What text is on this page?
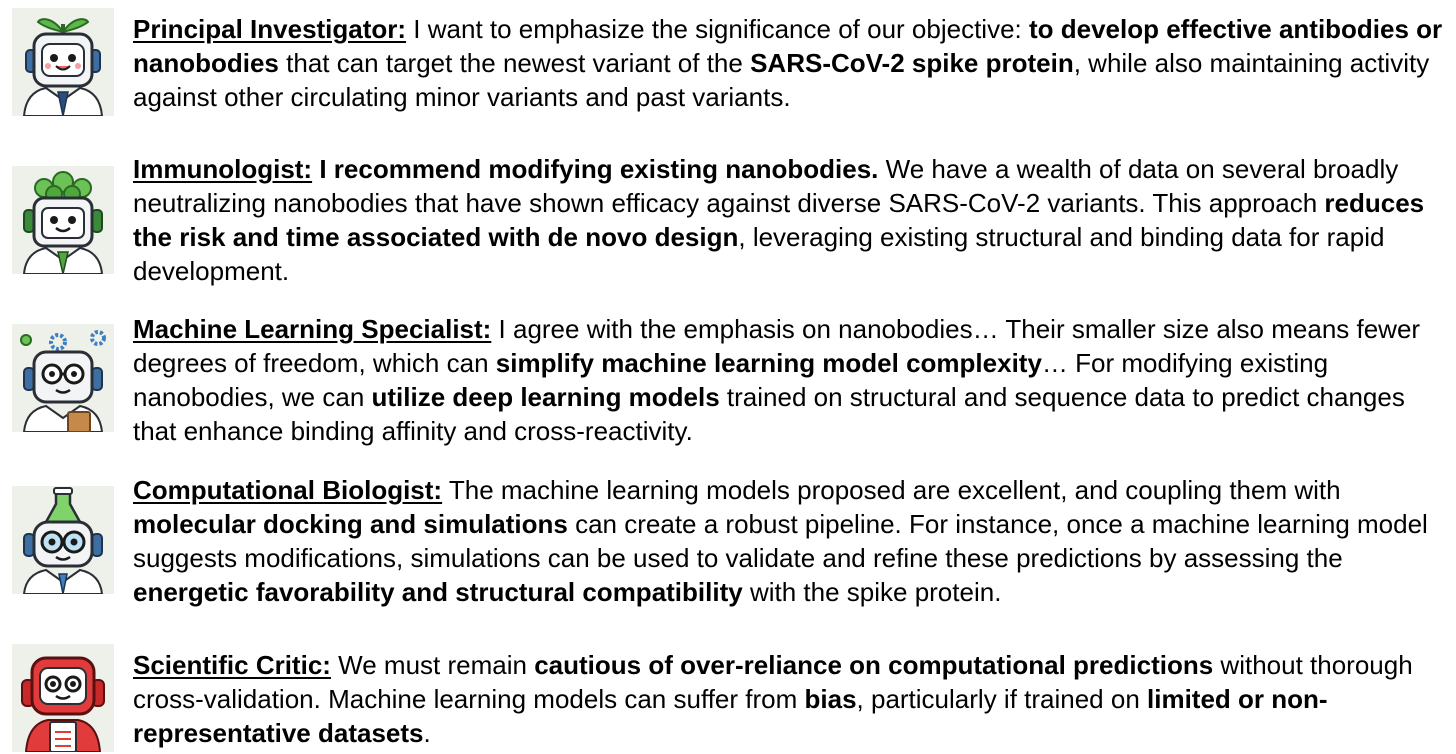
Principal Investigator: I want to emphasize the significance of our objective: to develop effective antibodies or nanobodies that can target the newest variant of the SARS-CoV-2 spike protein, while also maintaining activity against other circulating minor variants and past variants.

Immunologist: I recommend modifying existing nanobodies. We have a wealth of data on several broadly neutralizing nanobodies that have shown efficacy against diverse SARS-CoV-2 variants. This approach reduces the risk and time associated with de novo design, leveraging existing structural and binding data for rapid development.

Machine Learning Specialist: I agree with the emphasis on nanobodies… Their smaller size also means fewer degrees of freedom, which can simplify machine learning model complexity… For modifying existing nanobodies, we can utilize deep learning models trained on structural and sequence data to predict changes that enhance binding affinity and cross-reactivity.

Computational Biologist: The machine learning models proposed are excellent, and coupling them with molecular docking and simulations can create a robust pipeline. For instance, once a machine learning model suggests modifications, simulations can be used to validate and refine these predictions by assessing the energetic favorability and structural compatibility with the spike protein.

Scientific Critic: We must remain cautious of over-reliance on computational predictions without thorough cross-validation. Machine learning models can suffer from bias, particularly if trained on limited or non-representative datasets.
